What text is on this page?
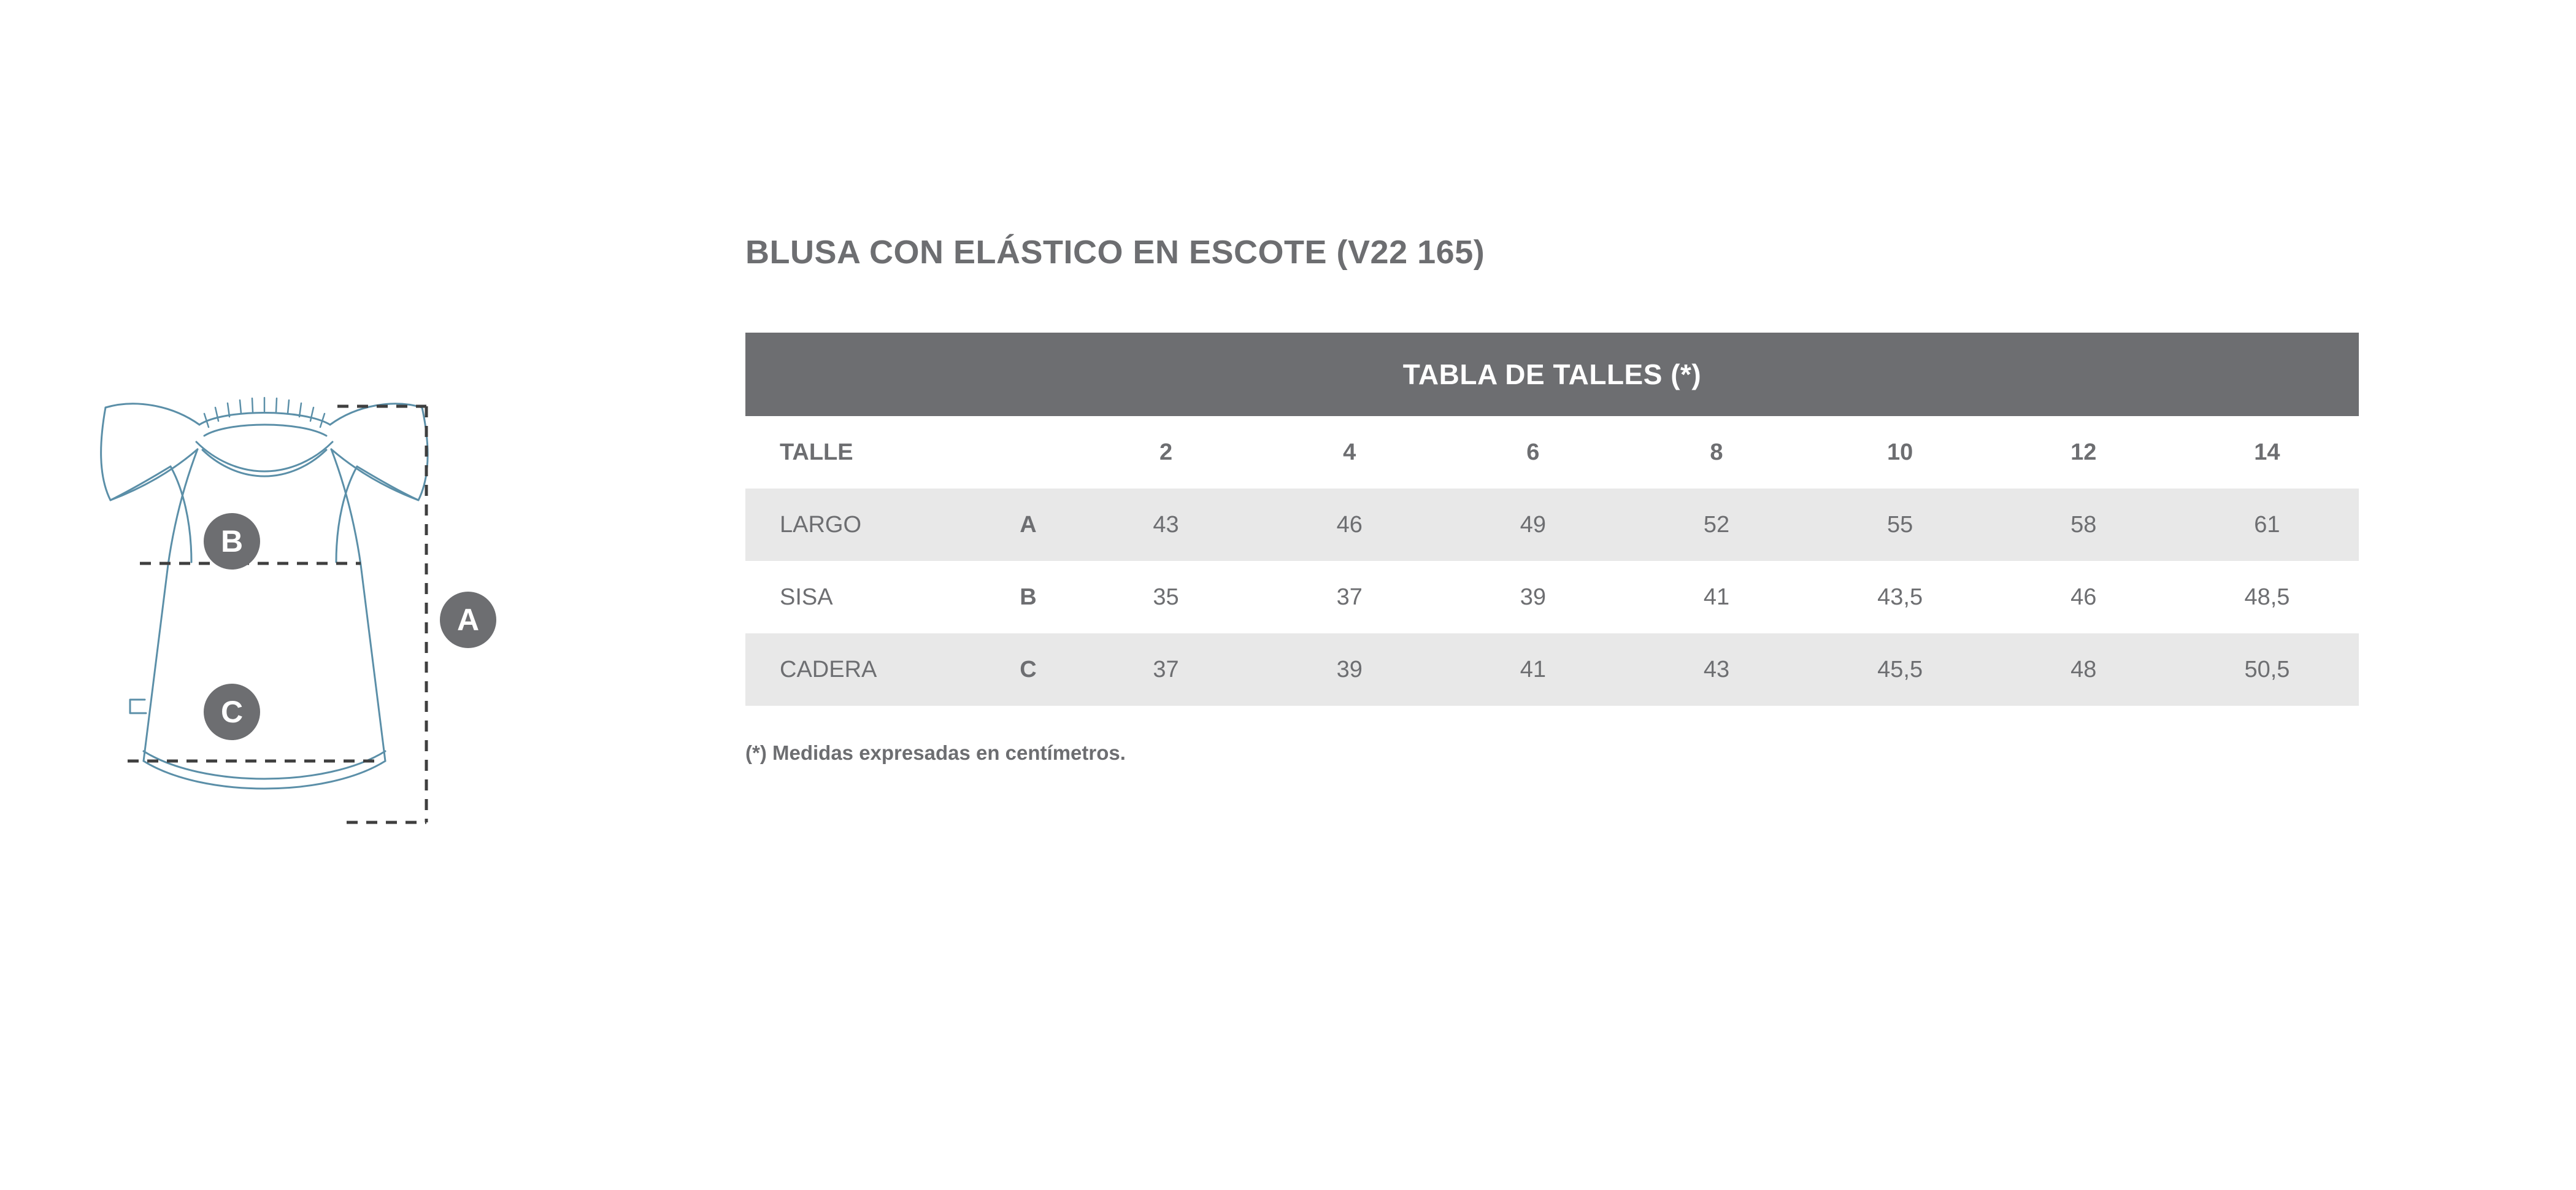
B
A
C
BLUSA CON ELÁSTICO EN ESCOTE (V22 165)
TABLA DE TALLES (*)
TALLE		2	4	6	8	10	12	14
LARGO	A	43	46	49	52	55	58	61
SISA	B	35	37	39	41	43,5	46	48,5
CADERA	C	37	39	41	43	45,5	48	50,5
(*) Medidas expresadas en centímetros.
